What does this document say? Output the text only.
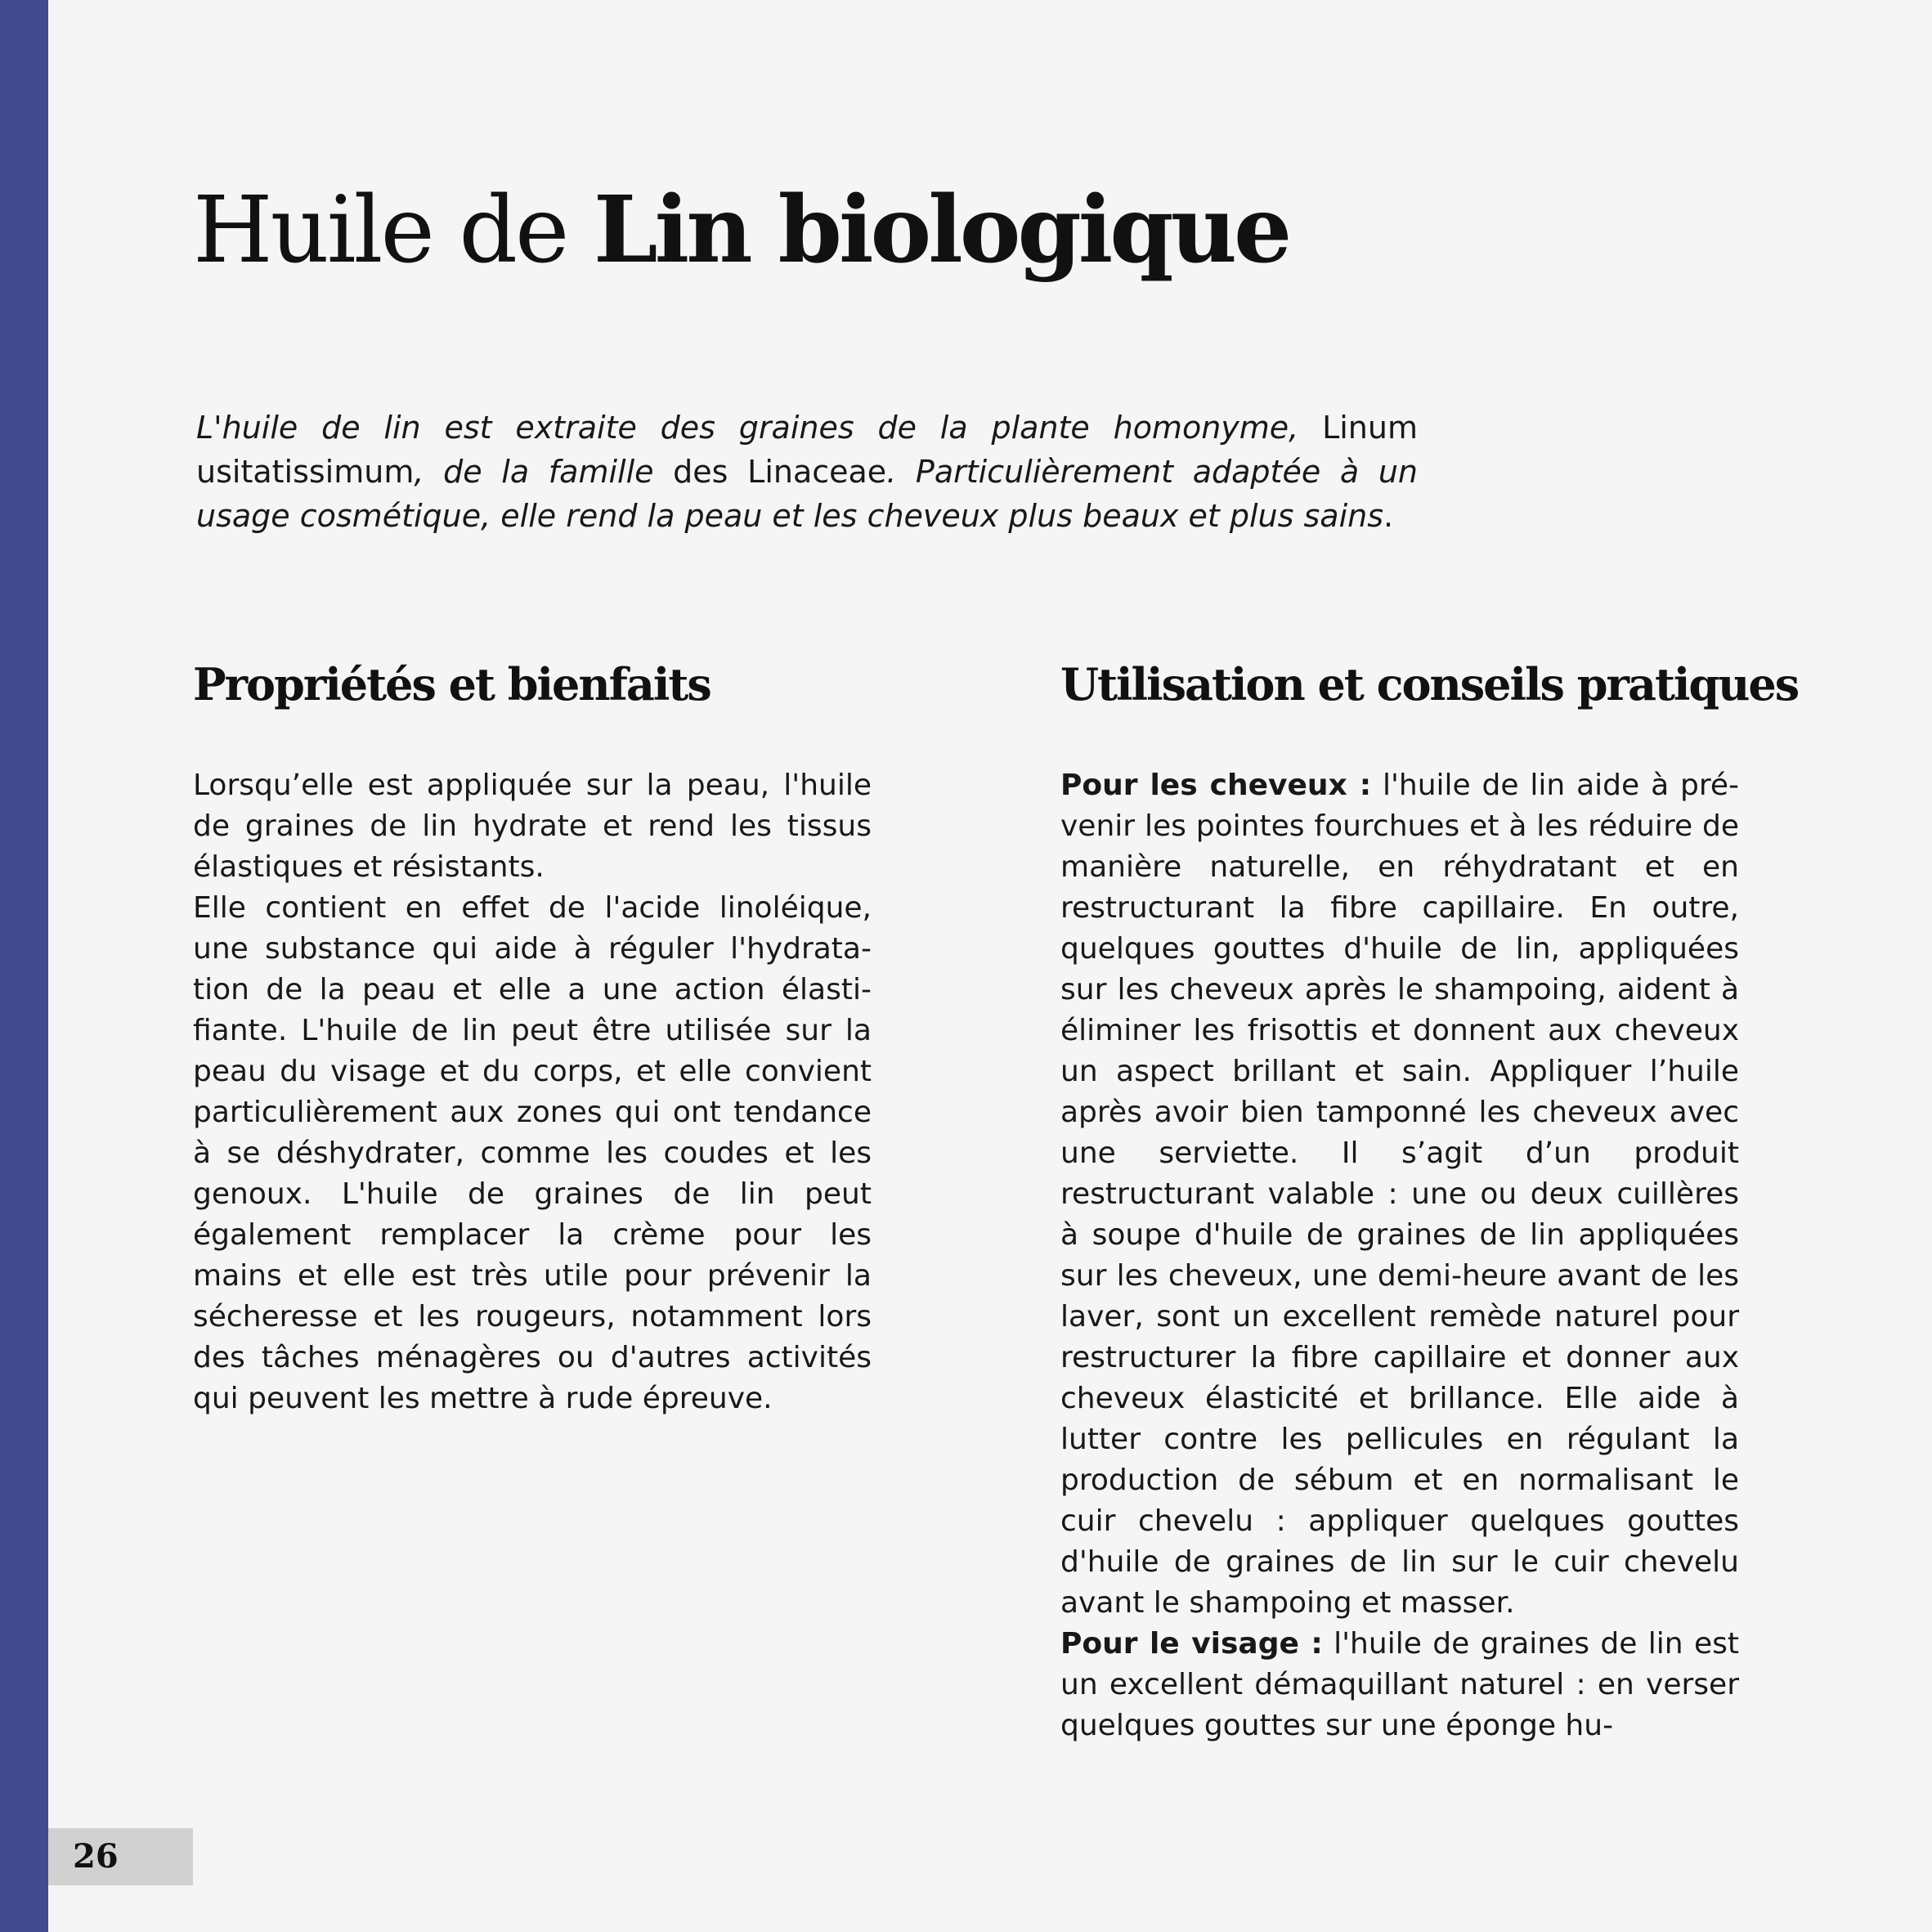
Huile de Lin biologique

L'huile de lin est extraite des graines de la plante homonyme, Linum usitatissimum, de la famille des Linaceae. Particulièrement adaptée à un usage cosmétique, elle rend la peau et les cheveux plus beaux et plus sains.

Propriétés et bienfaits

Lorsqu’elle est appliquée sur la peau, l'huile de graines de lin hydrate et rend les tissus élastiques et résistants.

Elle contient en effet de l'acide linoléique, une substance qui aide à réguler l'hydratation de la peau et elle a une action élastifiante. L'huile de lin peut être utilisée sur la peau du visage et du corps, et elle convient particulièrement aux zones qui ont tendance à se déshydrater, comme les coudes et les genoux. L'huile de graines de lin peut également remplacer la crème pour les mains et elle est très utile pour prévenir la sécheresse et les rougeurs, notamment lors des tâches ménagères ou d'autres activités qui peuvent les mettre à rude épreuve.

Utilisation et conseils pratiques

Pour les cheveux : l'huile de lin aide à prévenir les pointes fourchues et à les réduire de manière naturelle, en réhydratant et en restructurant la fibre capillaire. En outre, quelques gouttes d'huile de lin, appliquées sur les cheveux après le shampoing, aident à éliminer les frisottis et donnent aux cheveux un aspect brillant et sain. Appliquer l’huile après avoir bien tamponné les cheveux avec une serviette. Il s’agit d’un produit restructurant valable : une ou deux cuillères à soupe d'huile de graines de lin appliquées sur les cheveux, une demi-heure avant de les laver, sont un excellent remède naturel pour restructurer la fibre capillaire et donner aux cheveux élasticité et brillance. Elle aide à lutter contre les pellicules en régulant la production de sébum et en normalisant le cuir chevelu : appliquer quelques gouttes d'huile de graines de lin sur le cuir chevelu avant le shampoing et masser.

Pour le visage : l'huile de graines de lin est un excellent démaquillant naturel : en verser quelques gouttes sur une éponge hu-

26
